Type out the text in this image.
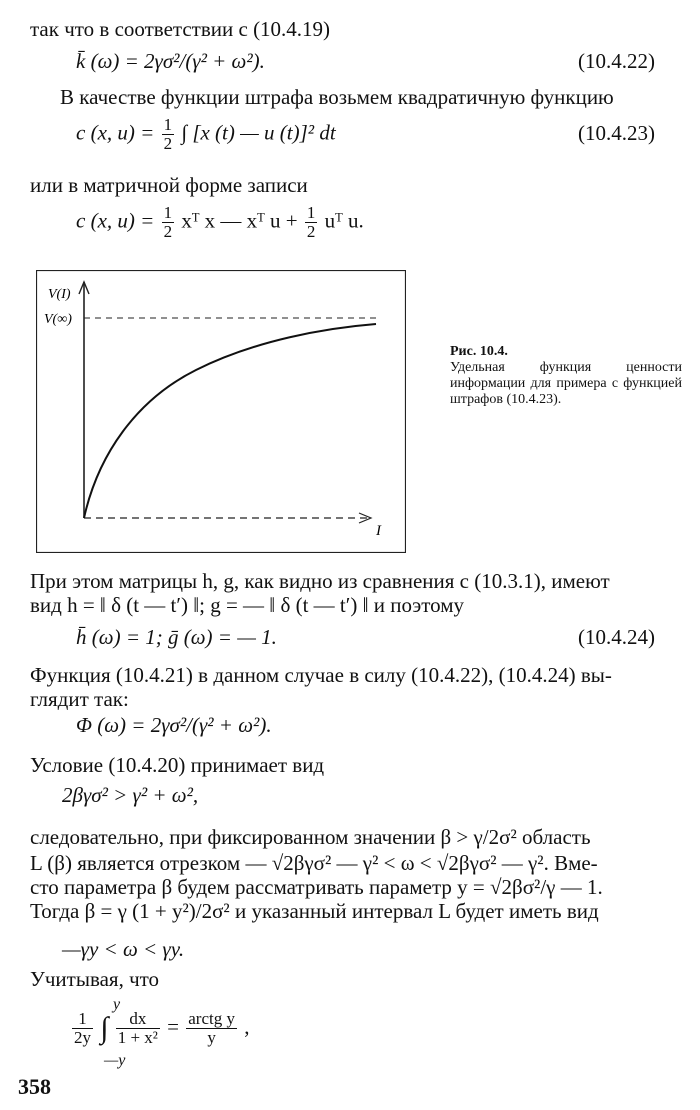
так что в соответствии с (10.4.19)
k̄ (ω) = 2γσ²/(γ² + ω²).	(10.4.22)
В качестве функции штрафа возьмем квадратичную функцию
c (x, $u) = \frac{1}{2}$ ∫ [x (t) — u (t)]² dt	(10.4.23)
или в матричной форме записи
c (x, $u) = \frac{1}{2}$ xᵀ x — xᵀ $u + \frac{1}{2}$ uᵀ u.
V(I)
V(∞)
I
Рис. 10.4.
Удельная функция ценности информации для примера с функцией штрафов (10.4.23).
При этом матрицы h, g, как видно из сравнения с (10.3.1), имеют
вид h = ‖ δ (t — t′) ‖; g = — ‖ δ (t — t′) ‖ и поэтому
h̄ (ω) = 1; ḡ (ω) = — 1.	(10.4.24)
Функция (10.4.21) в данном случае в силу (10.4.22), (10.4.24) вы-
глядит так:
Φ (ω) = 2γσ²/(γ² + ω²).
Условие (10.4.20) принимает вид
2βγσ² > γ² + ω²,
следовательно, при фиксированном значении β > γ/2σ² область
L (β) является отрезком — √2βγσ² — γ² < ω < √2βγσ² — γ². Вме-
сто параметра β будем рассматривать параметр y = √2βσ²/γ — 1.
Тогда β = γ (1 + y²)/2σ² и указанный интервал L будет иметь вид
—γy < ω < γy.
Учитывая, что
$\frac{1}{2y}$ ∫ $\frac{dx}{\text{1 + x²}} = \frac{\text{arctg y}}{y}$ ,
y
—y
358
